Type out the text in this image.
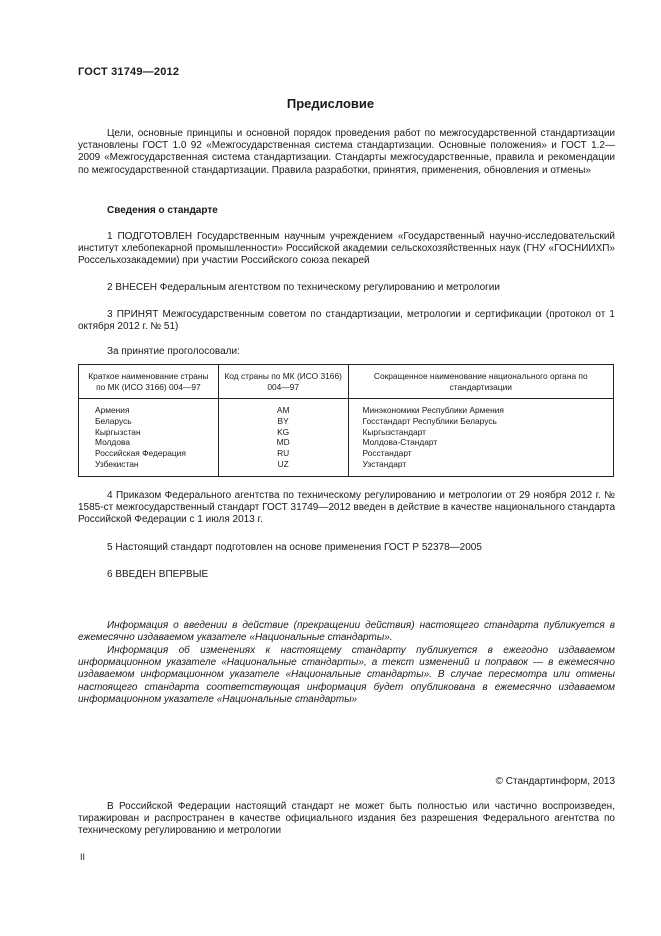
ГОСТ 31749—2012
Предисловие

Цели, основные принципы и основной порядок проведения работ по межгосударственной стандартизации установлены ГОСТ 1.0 92 «Межгосударственная система стандартизации. Основные положения» и ГОСТ 1.2—2009 «Межгосударственная система стандартизации. Стандарты межгосударственные, правила и рекомендации по межгосударственной стандартизации. Правила разработки, принятия, применения, обновления и отмены»

Сведения о стандарте

1 ПОДГОТОВЛЕН Государственным научным учреждением «Государственный научно-исследовательский институт хлебопекарной промышленности» Российской академии сельскохозяйственных наук (ГНУ «ГОСНИИХП» Россельхозакадемии) при участии Российского союза пекарей

2 ВНЕСЕН Федеральным агентством по техническому регулированию и метрологии

3 ПРИНЯТ Межгосударственным советом по стандартизации, метрологии и сертификации (протокол от 1 октября 2012 г. № 51)

За принятие проголосовали:
Краткое наименование страны по МК (ИСО 3166) 004—97	Код страны по МК (ИСО 3166) 004—97	Сокращенное наименование национального органа по стандартизации
Армения	AM	Минэкономики Республики Армения
Беларусь	BY	Госстандарт Республики Беларусь
Кыргызстан	KG	Кыргызстандарт
Молдова	MD	Молдова-Стандарт
Российская Федерация	RU	Росстандарт
Узбекистан	UZ	Узстандарт

4 Приказом Федерального агентства по техническому регулированию и метрологии от 29 ноября 2012 г. № 1585-ст межгосударственный стандарт ГОСТ 31749—2012 введен в действие в качестве национального стандарта Российской Федерации с 1 июля 2013 г.

5 Настоящий стандарт подготовлен на основе применения ГОСТ Р 52378—2005

6 ВВЕДЕН ВПЕРВЫЕ

Информация о введении в действие (прекращении действия) настоящего стандарта публикуется в ежемесячно издаваемом указателе «Национальные стандарты».

Информация об изменениях к настоящему стандарту публикуется в ежегодно издаваемом информационном указателе «Национальные стандарты», а текст изменений и поправок — в ежемесячно издаваемом информационном указателе «Национальные стандарты». В случае пересмотра или отмены настоящего стандарта соответствующая информация будет опубликована в ежемесячно издаваемом информационном указателе «Национальные стандарты»

© Стандартинформ, 2013

В Российской Федерации настоящий стандарт не может быть полностью или частично воспроизведен, тиражирован и распространен в качестве официального издания без разрешения Федерального агентства по техническому регулированию и метрологии

II
